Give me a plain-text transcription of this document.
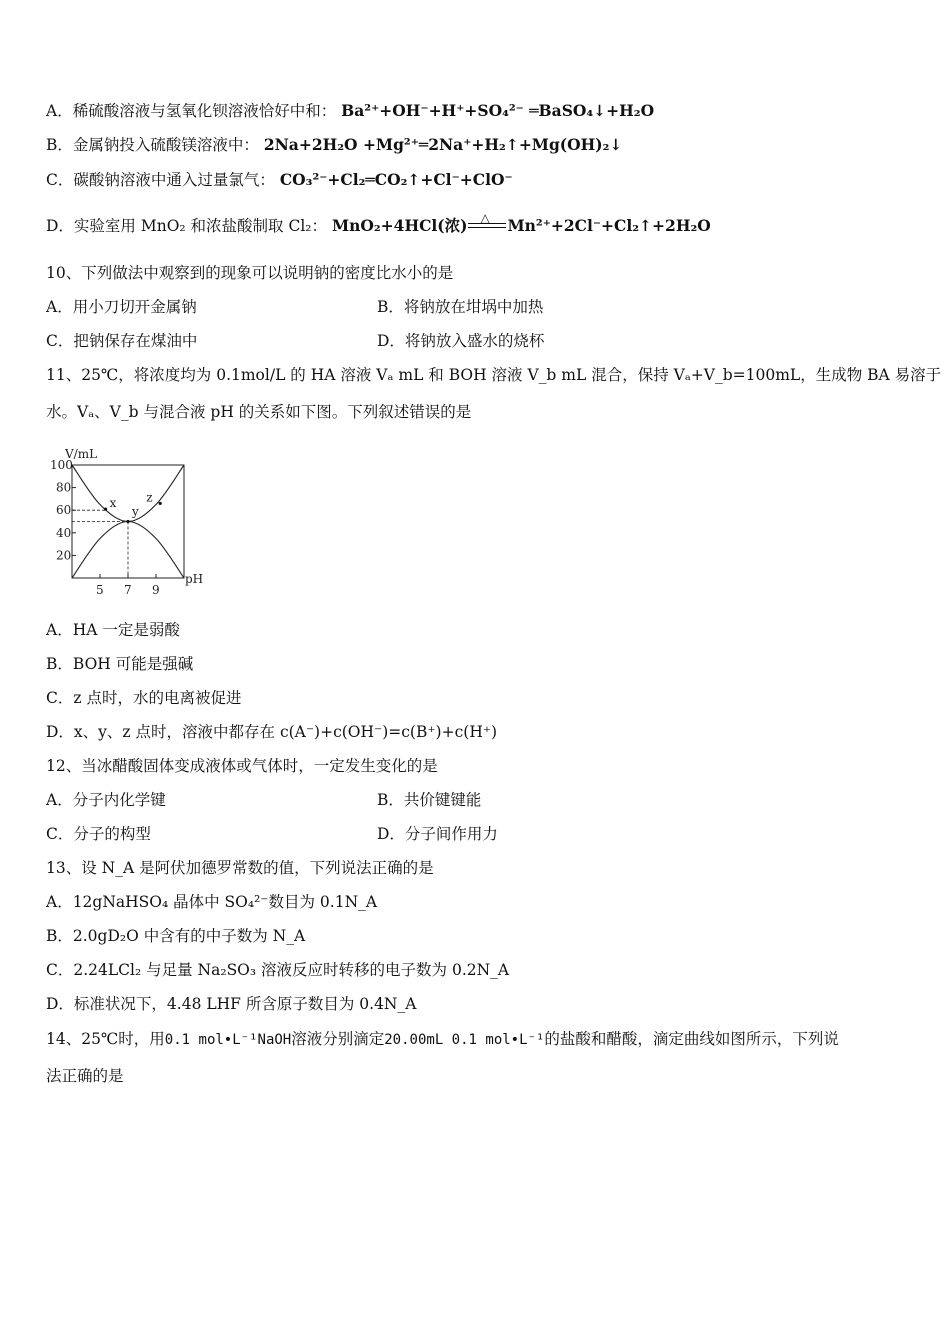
A．稀硫酸溶液与氢氧化钡溶液恰好中和： Ba²⁺+OH⁻+H⁺+SO₄²⁻ ═BaSO₄↓+H₂O
B．金属钠投入硫酸镁溶液中： 2Na+2H₂O +Mg²⁺═2Na⁺+H₂↑+Mg(OH)₂↓
C．碳酸钠溶液中通入过量氯气： CO₃²⁻+Cl₂═CO₂↑+Cl⁻+ClO⁻
D．实验室用 MnO₂ 和浓盐酸制取 Cl₂： MnO₂+4HCl(浓) △ Mn²⁺+2Cl⁻+Cl₂↑+2H₂O
10、下列做法中观察到的现象可以说明钠的密度比水小的是
A．用小刀切开金属钠	B．将钠放在坩埚中加热
C．把钠保存在煤油中	D．将钠放入盛水的烧杯
11、25℃，将浓度均为 0.1mol/L 的 HA 溶液 Vₐ mL 和 BOH 溶液 V_b mL 混合，保持 Vₐ+V_b=100mL，生成物 BA 易溶于
水。Vₐ、V_b 与混合液 pH 的关系如下图。下列叙述错误的是
V/mL
100
20
40
60
80
5 7 9
x
y
z
pH
A．HA 一定是弱酸
B．BOH 可能是强碱
C．z 点时，水的电离被促进
D．x、y、z 点时，溶液中都存在 c(A⁻)+c(OH⁻)=c(B⁺)+c(H⁺)
12、当冰醋酸固体变成液体或气体时，一定发生变化的是
A．分子内化学键	B．共价键键能
C．分子的构型	D．分子间作用力
13、设 N_A 是阿伏加德罗常数的值，下列说法正确的是
A．12gNaHSO₄ 晶体中 SO₄²⁻数目为 0.1N_A
B．2.0gD₂O 中含有的中子数为 N_A
C．2.24LCl₂ 与足量 Na₂SO₃ 溶液反应时转移的电子数为 0.2N_A
D．标准状况下，4.48 LHF 所含原子数目为 0.4N_A
14、25℃时，用0.1 mol•L⁻¹NaOH溶液分别滴定20.00mL 0.1 mol•L⁻¹的盐酸和醋酸，滴定曲线如图所示，下列说
法正确的是
